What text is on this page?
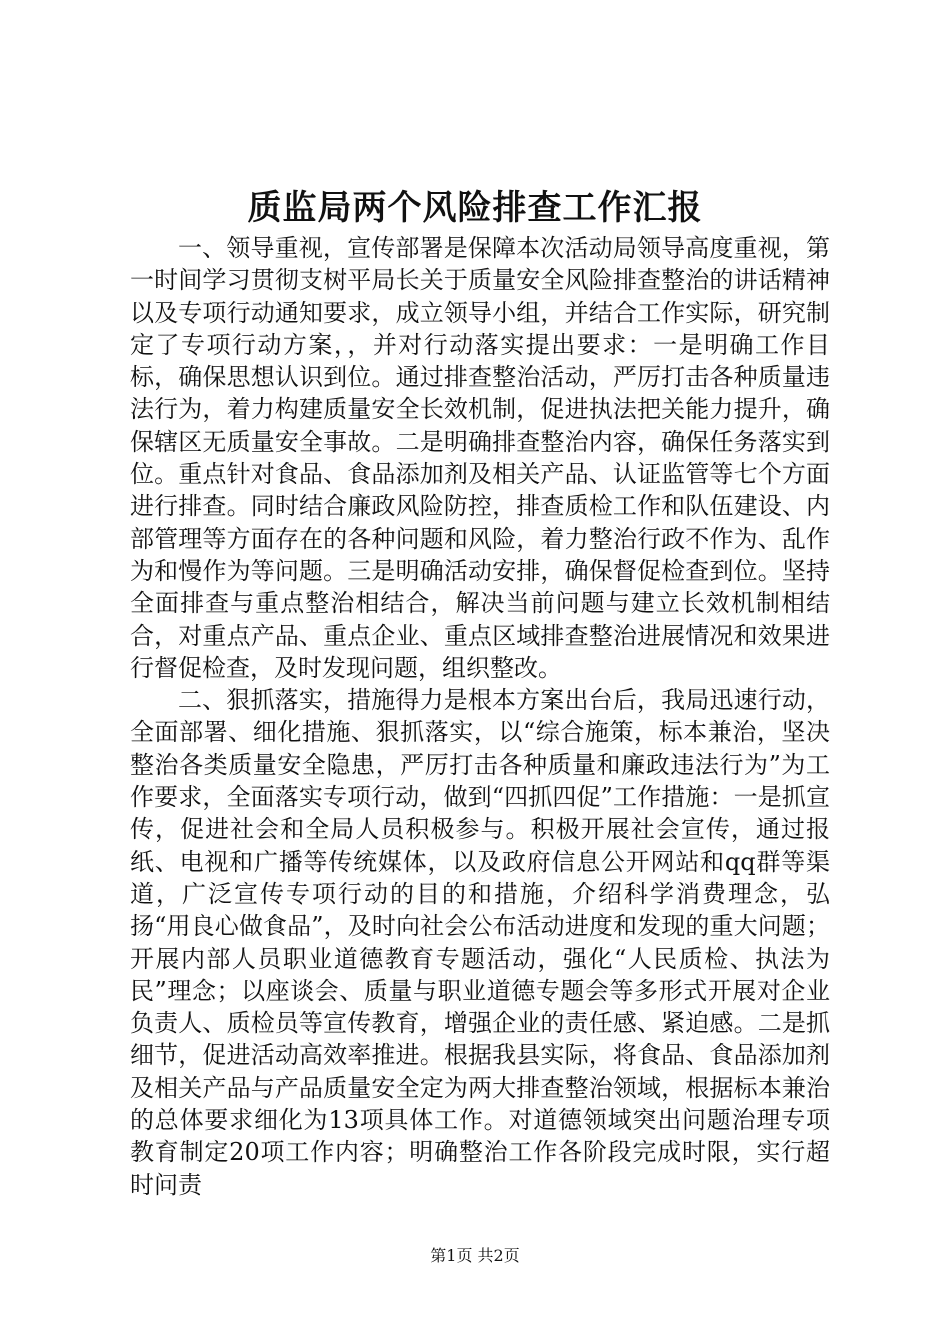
质监局两个风险排查工作汇报

一、领导重视，宣传部署是保障本次活动局领导高度重视，第一时间学习贯彻支树平局长关于质量安全风险排查整治的讲话精神以及专项行动通知要求，成立领导小组，并结合工作实际，研究制定了专项行动方案，，并对行动落实提出要求：一是明确工作目标，确保思想认识到位。通过排查整治活动，严厉打击各种质量违法行为，着力构建质量安全长效机制，促进执法把关能力提升，确保辖区无质量安全事故。二是明确排查整治内容，确保任务落实到位。重点针对食品、食品添加剂及相关产品、认证监管等七个方面进行排查。同时结合廉政风险防控，排查质检工作和队伍建设、内部管理等方面存在的各种问题和风险，着力整治行政不作为、乱作为和慢作为等问题。三是明确活动安排，确保督促检查到位。坚持全面排查与重点整治相结合，解决当前问题与建立长效机制相结合，对重点产品、重点企业、重点区域排查整治进展情况和效果进行督促检查，及时发现问题，组织整改。

二、狠抓落实，措施得力是根本方案出台后，我局迅速行动，全面部署、细化措施、狠抓落实，以“综合施策，标本兼治，坚决整治各类质量安全隐患，严厉打击各种质量和廉政违法行为”为工作要求，全面落实专项行动，做到“四抓四促”工作措施：一是抓宣传，促进社会和全局人员积极参与。积极开展社会宣传，通过报纸、电视和广播等传统媒体，以及政府信息公开网站和qq群等渠道，广泛宣传专项行动的目的和措施，介绍科学消费理念，弘扬“用良心做食品”，及时向社会公布活动进度和发现的重大问题；开展内部人员职业道德教育专题活动，强化“人民质检、执法为民”理念；以座谈会、质量与职业道德专题会等多形式开展对企业负责人、质检员等宣传教育，增强企业的责任感、紧迫感。二是抓细节，促进活动高效率推进。根据我县实际，将食品、食品添加剂及相关产品与产品质量安全定为两大排查整治领域，根据标本兼治的总体要求细化为13项具体工作。对道德领域突出问题治理专项教育制定20项工作内容；明确整治工作各阶段完成时限，实行超时问责

第1页 共2页
